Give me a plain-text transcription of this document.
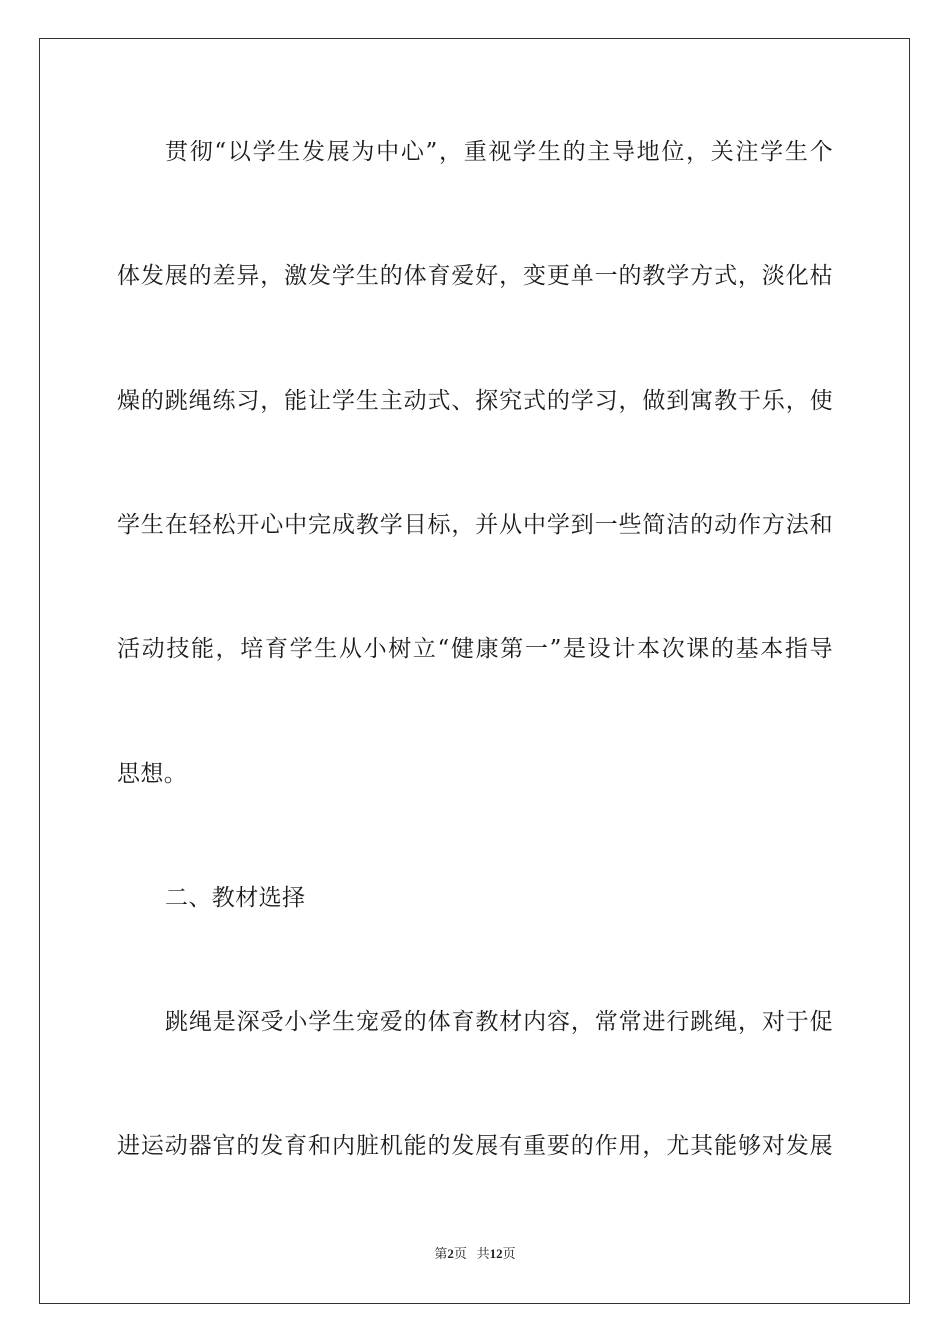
贯彻“以学生发展为中心”，重视学生的主导地位，关注学生个
体发展的差异，激发学生的体育爱好，变更单一的教学方式，淡化枯
燥的跳绳练习，能让学生主动式、探究式的学习，做到寓教于乐，使
学生在轻松开心中完成教学目标，并从中学到一些简洁的动作方法和
活动技能，培育学生从小树立“健康第一”是设计本次课的基本指导
思想。
二、教材选择
跳绳是深受小学生宠爱的体育教材内容，常常进行跳绳，对于促
进运动器官的发育和内脏机能的发展有重要的作用，尤其能够对发展
第2页 共12页
